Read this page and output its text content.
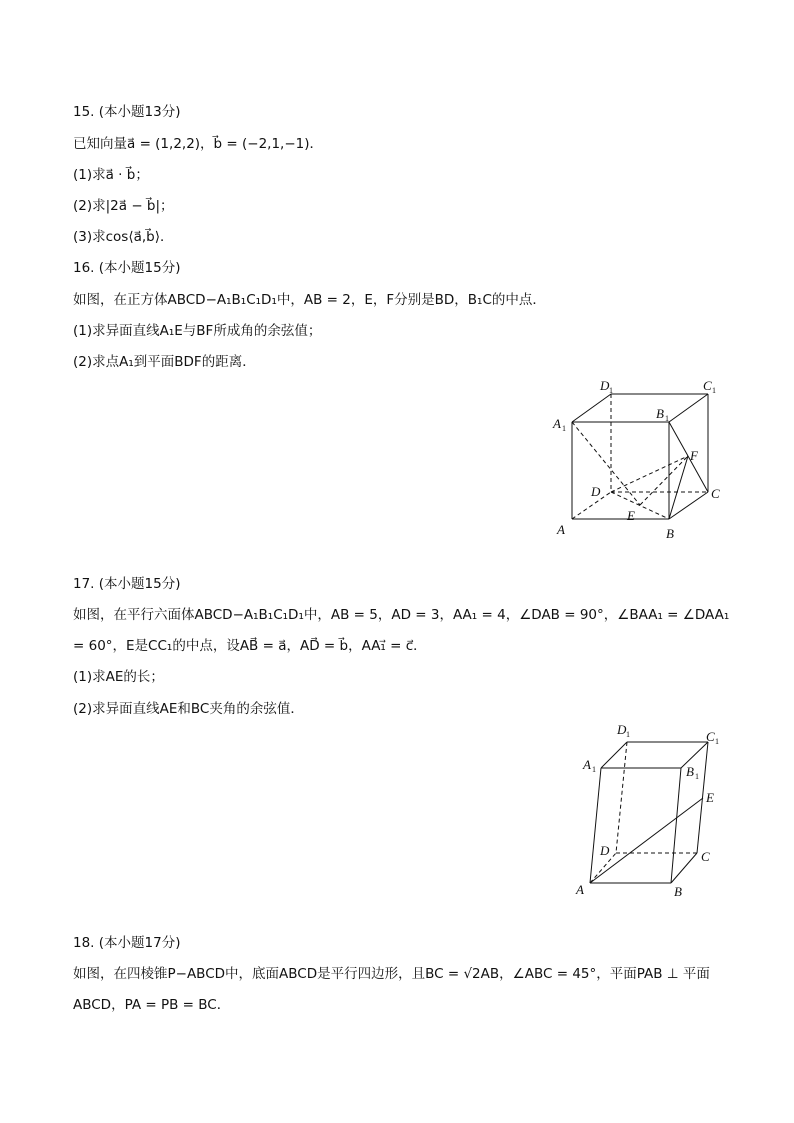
15. (本小题13分)
已知向量a⃗ = (1,2,2)，b⃗ = (−2,1,−1)．
(1)求a⃗ · b⃗；
(2)求|2a⃗ − b⃗|；
(3)求cos⟨a⃗,b⃗⟩．
16. (本小题15分)
如图，在正方体ABCD−A₁B₁C₁D₁中，AB = 2，E，F分别是BD，B₁C的中点．
(1)求异面直线A₁E与BF所成角的余弦值；
(2)求点A₁到平面BDF的距离．
D 1	C 1
B 1
A 1
F
D	C
E
A	B
17. (本小题15分)
如图，在平行六面体ABCD−A₁B₁C₁D₁中，AB = 5，AD = 3，AA₁ = 4，∠DAB = 90°，∠BAA₁ = ∠DAA₁
= 60°，E是CC₁的中点，设AB⃗ = a⃗，AD⃗ = b⃗，AA₁⃗ = c⃗．
(1)求AE的长；
(2)求异面直线AE和BC夹角的余弦值．
D 1	C 1
A 1	B 1
E
D	C
A	B
18. (本小题17分)
如图，在四棱锥P−ABCD中，底面ABCD是平行四边形，且BC = √2AB，∠ABC = 45°，平面PAB ⊥ 平面
ABCD，PA = PB = BC．
